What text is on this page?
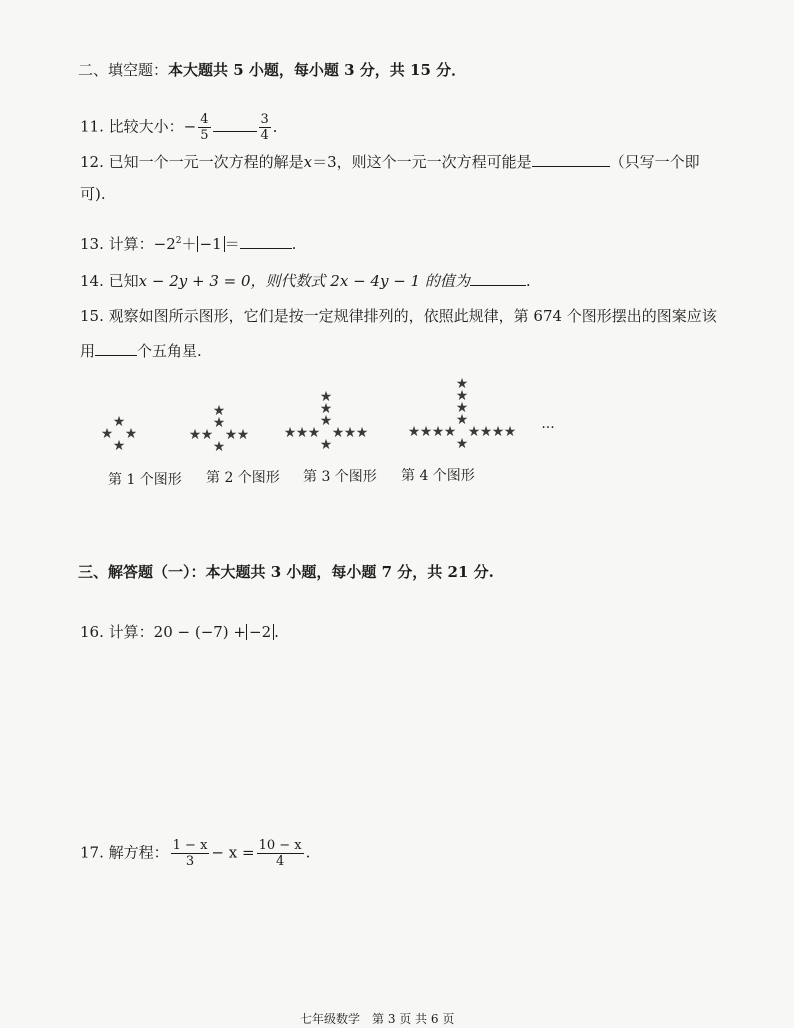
二、填空题：本大题共 5 小题，每小题 3 分，共 15 分．
11. 比较大小：− $\frac{4}{5}$	$\frac{3}{4}$ ．
12. 已知一个一元一次方程的解是x＝3，则这个一元一次方程可能是	（只写一个即
可).
13. 计算：$-2^2+ -1$ ＝	.
14. 已知x − 2y + 3 = 0，则代数式 2x − 4y − 1 的值为	.
15. 观察如图所示图形，它们是按一定规律排列的，依照此规律，第 674 个图形摆出的图案应该
用	个五角星.
★ ★
★
★
★ ★
★
★	★
★
★
★ ★
★
★	★
★
★	★
★
★
★ ★
★
★	★
★
★	★
★
★	★
★
★
···
第 1 个图形 第 2 个图形 第 3 个图形 第 4 个图形
三、解答题（一）：本大题共 3 小题，每小题 7 分，共 21 分.
16. 计算：20 − (−7) + −2 .
17. 解方程： $\frac{1 - x}{3} - x = \frac{10 - x}{4}$ .
七年级数学　第 3 页 共 6 页
